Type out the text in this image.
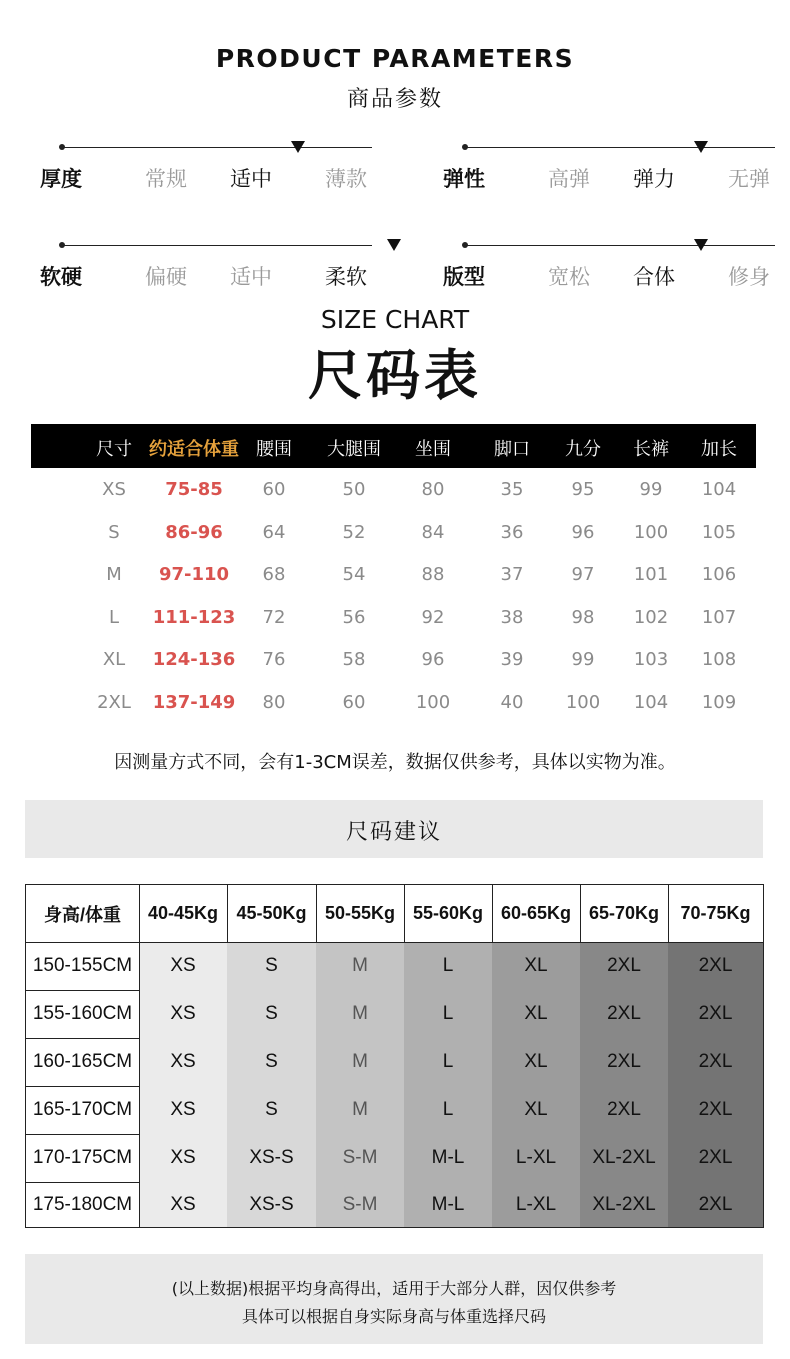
PRODUCT PARAMETERS
商品参数
厚度	常规 适中	薄款	弹性	高弹 弹力	无弹
软硬	偏硬 适中	柔软	版型	宽松 合体	修身
SIZE CHART
尺码表
尺寸 约适合体重 腰围 大腿围 坐围 脚口 九分 长裤 加长
XS 75-85 60	50	80	35	95	99 104
S	86-96 64	52	84	36	96 100 105
M 97-110 68	54	88	37	97 101 106
L 111-123 72	56	92	38	98 102 107
XL 124-136 76	58	96	39	99 103 108
2XL 137-149 80	60	100	40 100 104 109
因测量方式不同，会有1-3CM误差，数据仅供参考，具体以实物为准。
尺码建议
身高/体重	40-45Kg	45-50Kg	50-55Kg 55-60Kg 60-65Kg 65-70Kg	70-75Kg
150-155CM	XS	S	M	L	XL	2XL	2XL
155-160CM	XS	S	M	L	XL	2XL	2XL
160-165CM	XS	S	M	L	XL	2XL	2XL
165-170CM	XS	S	M	L	XL	2XL	2XL
170-175CM	XS	XS-S	S-M	M-L	L-XL	XL-2XL	2XL
175-180CM	XS	XS-S	S-M	M-L	L-XL	XL-2XL	2XL
(以上数据)根据平均身高得出，适用于大部分人群，因仅供参考
具体可以根据自身实际身高与体重选择尺码
